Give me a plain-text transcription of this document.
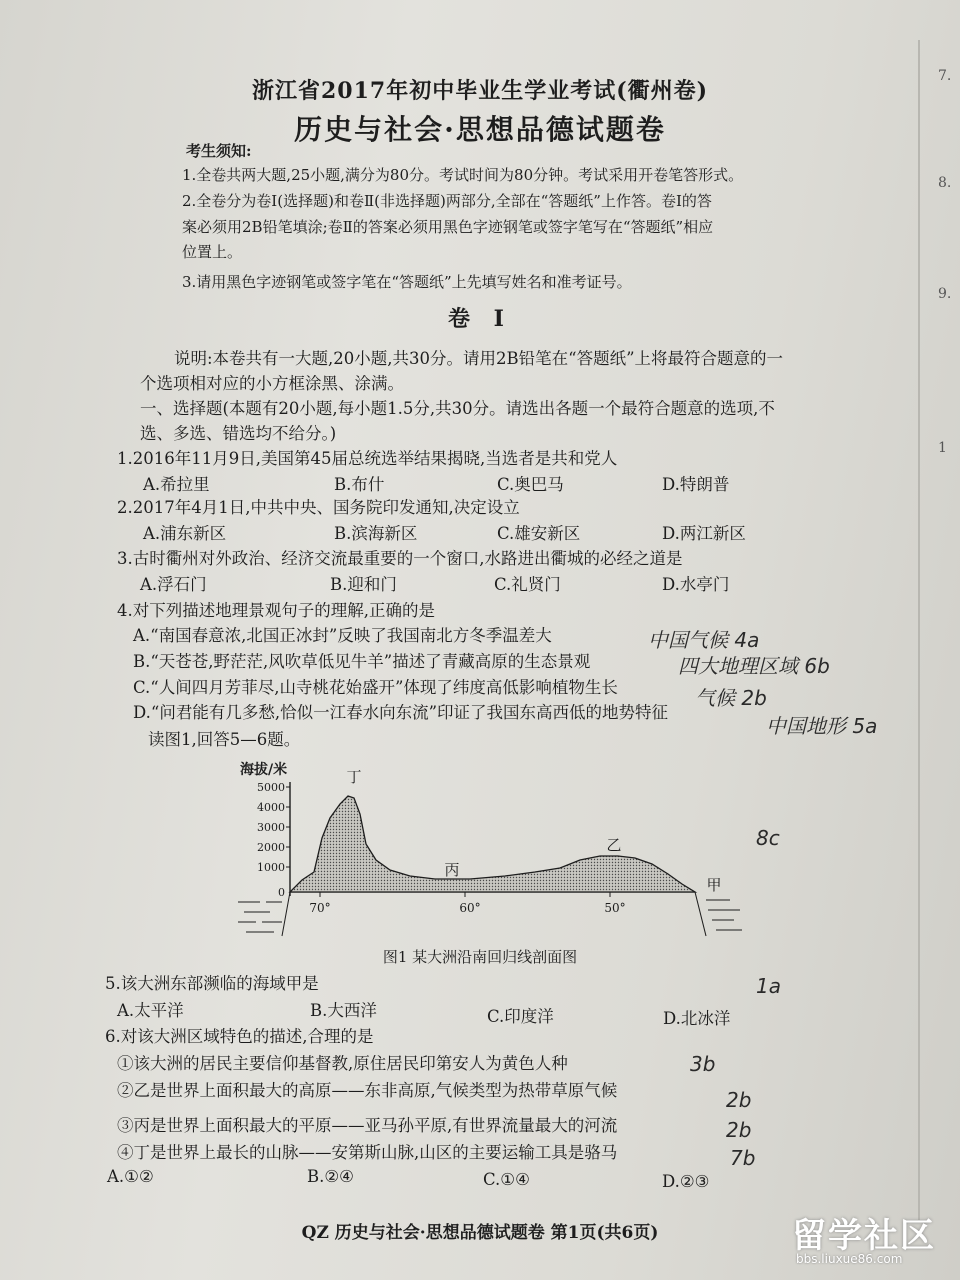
7.
8.
9.
1
浙江省2017年初中毕业生学业考试(衢州卷)
历史与社会·思想品德试题卷
考生须知:
1.全卷共两大题,25小题,满分为80分。考试时间为80分钟。考试采用开卷笔答形式。
2.全卷分为卷Ⅰ(选择题)和卷Ⅱ(非选择题)两部分,全部在“答题纸”上作答。卷Ⅰ的答
案必须用2B铅笔填涂;卷Ⅱ的答案必须用黑色字迹钢笔或签字笔写在“答题纸”相应
位置上。
3.请用黑色字迹钢笔或签字笔在“答题纸”上先填写姓名和准考证号。
卷 Ⅰ
说明:本卷共有一大题,20小题,共30分。请用2B铅笔在“答题纸”上将最符合题意的一
个选项相对应的小方框涂黑、涂满。
一、选择题(本题有20小题,每小题1.5分,共30分。请选出各题一个最符合题意的选项,不
选、多选、错选均不给分。)
1.2016年11月9日,美国第45届总统选举结果揭晓,当选者是共和党人
A.希拉里	B.布什	C.奥巴马	D.特朗普
2.2017年4月1日,中共中央、国务院印发通知,决定设立
A.浦东新区	B.滨海新区	C.雄安新区	D.两江新区
3.古时衢州对外政治、经济交流最重要的一个窗口,水路进出衢城的必经之道是
A.浮石门	B.迎和门	C.礼贤门	D.水亭门
4.对下列描述地理景观句子的理解,正确的是
A.“南国春意浓,北国正冰封”反映了我国南北方冬季温差大
B.“天苍苍,野茫茫,风吹草低见牛羊”描述了青藏高原的生态景观
C.“人间四月芳菲尽,山寺桃花始盛开”体现了纬度高低影响植物生长
D.“问君能有几多愁,恰似一江春水向东流”印证了我国东高西低的地势特征
读图1,回答5—6题。
中国气候 4a
四大地理区域 6b
气候 2b
中国地形 5a
8c
海拔/米
5000
4000
3000
2000
1000
0
70°	60°	50°
丁
丙
乙
甲
图1 某大洲沿南回归线剖面图
5.该大洲东部濒临的海域甲是
A.太平洋	B.大西洋	C.印度洋	D.北冰洋
1a
6.对该大洲区域特色的描述,合理的是
①该大洲的居民主要信仰基督教,原住居民印第安人为黄色人种
②乙是世界上面积最大的高原——东非高原,气候类型为热带草原气候
③丙是世界上面积最大的平原——亚马孙平原,有世界流量最大的河流
④丁是世界上最长的山脉——安第斯山脉,山区的主要运输工具是骆马
A.①②	B.②④	C.①④	D.②③
3b
2b
2b
7b
QZ 历史与社会·思想品德试题卷 第1页(共6页)	留学社区
bbs.liuxue86.com
